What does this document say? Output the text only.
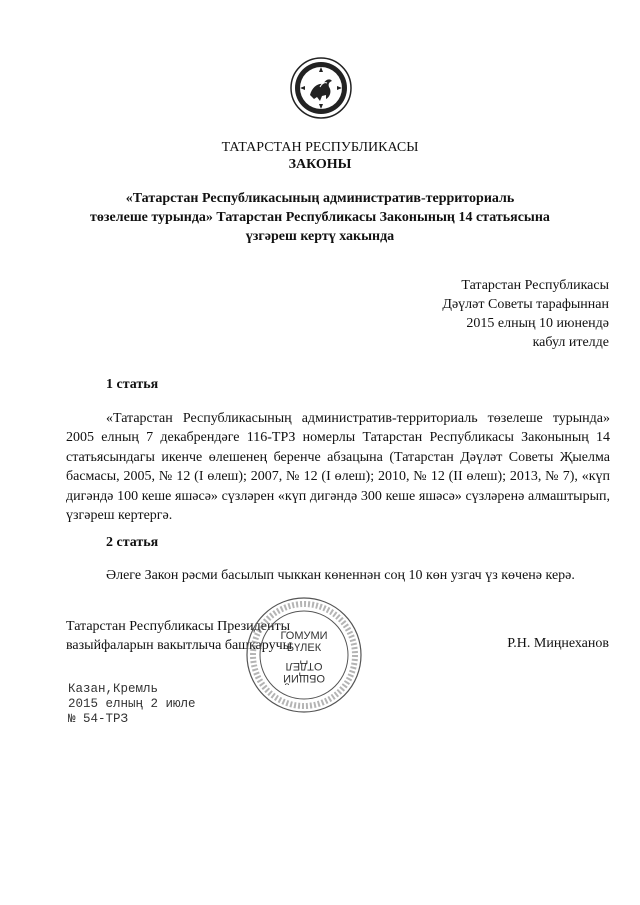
ТАТАРСТАН РЕСПУБЛИКАСЫ
ЗАКОНЫ
«Татарстан Республикасының административ-территориаль
төзелеше турында» Татарстан Республикасы Законының 14 статьясына
үзгәреш кертү хакында
Татарстан Республикасы
Дәүләт Советы тарафыннан
2015 елның 10 июнендә
кабул ителде
1 статья
«Татарстан Республикасының административ-территориаль төзелеше турында» 2005 елның 7 декабрендәге 116-ТРЗ номерлы Татарстан Республикасы Законының 14 статьясындагы икенче өлешенең беренче абзацына (Татарстан Дәүләт Советы Җыелма басмасы, 2005, № 12 (I өлеш); 2007, № 12 (I өлеш); 2010, № 12 (II өлеш); 2013, № 7), «күп дигәндә 100 кеше яшәсә» сүзләрен «күп дигәндә 300 кеше яшәсә» сүзләренә алмаштырып, үзгәреш кертергә.
2 статья
Әлеге Закон рәсми басылып чыккан көненнән соң 10 көн узгач үз көченә керә.
Татарстан Республикасы Президенты
вазыйфаларын вакытлыча башкаручы	Р.Н. Миңнеханов
ГОМУМИ
БҮЛЕК
ОТДЕЛ
ОБЩИЙ
Казан,Кремль
2015 елның 2 июле
№ 54-ТРЗ
